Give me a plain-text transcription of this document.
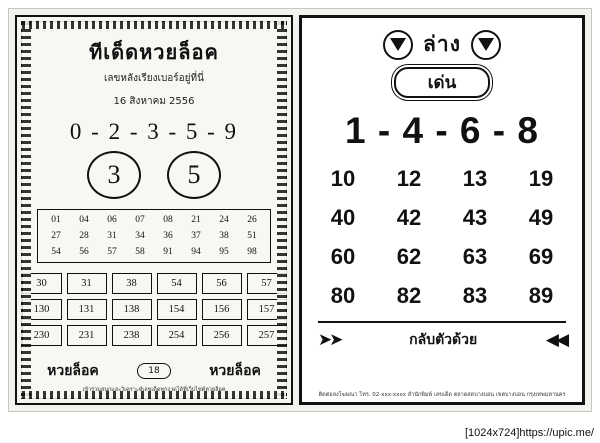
ทีเด็ดหวยล็อค
เลขหลังเรียงเบอร์อยู่ที่นี่
16 สิงหาคม 2556
0 - 2 - 3 - 5 - 9
3	5
01	04	06	07	08	21	24	26
27	28	31	34	36	37	38	51
54	56	57	58	91	94	95	98
30	31	38	54	56	57
130	131	138	154	156	157
230	231	238	254	256	257
หวยล็อค	18	หวยล็อค
เข้าร่วมสนุกและวิเคราะห์เลขเด็ดทุกงวดได้ที่เว็บไซต์หวยล็อค
ล่าง
เด่น
1 - 4 - 6 - 8
10	12	13	19
40	42	43	49
60	62	63	69
80	82	83	89
➤➤	กลับตัวด้วย	◀◀
ติดต่อลงโฆษณา โทร. 02-xxx-xxxx สำนักพิมพ์ เลขเด็ด ตลาดสดบางบอน เขตบางบอน กรุงเทพมหานคร
[1024x724]https://upic.me/
